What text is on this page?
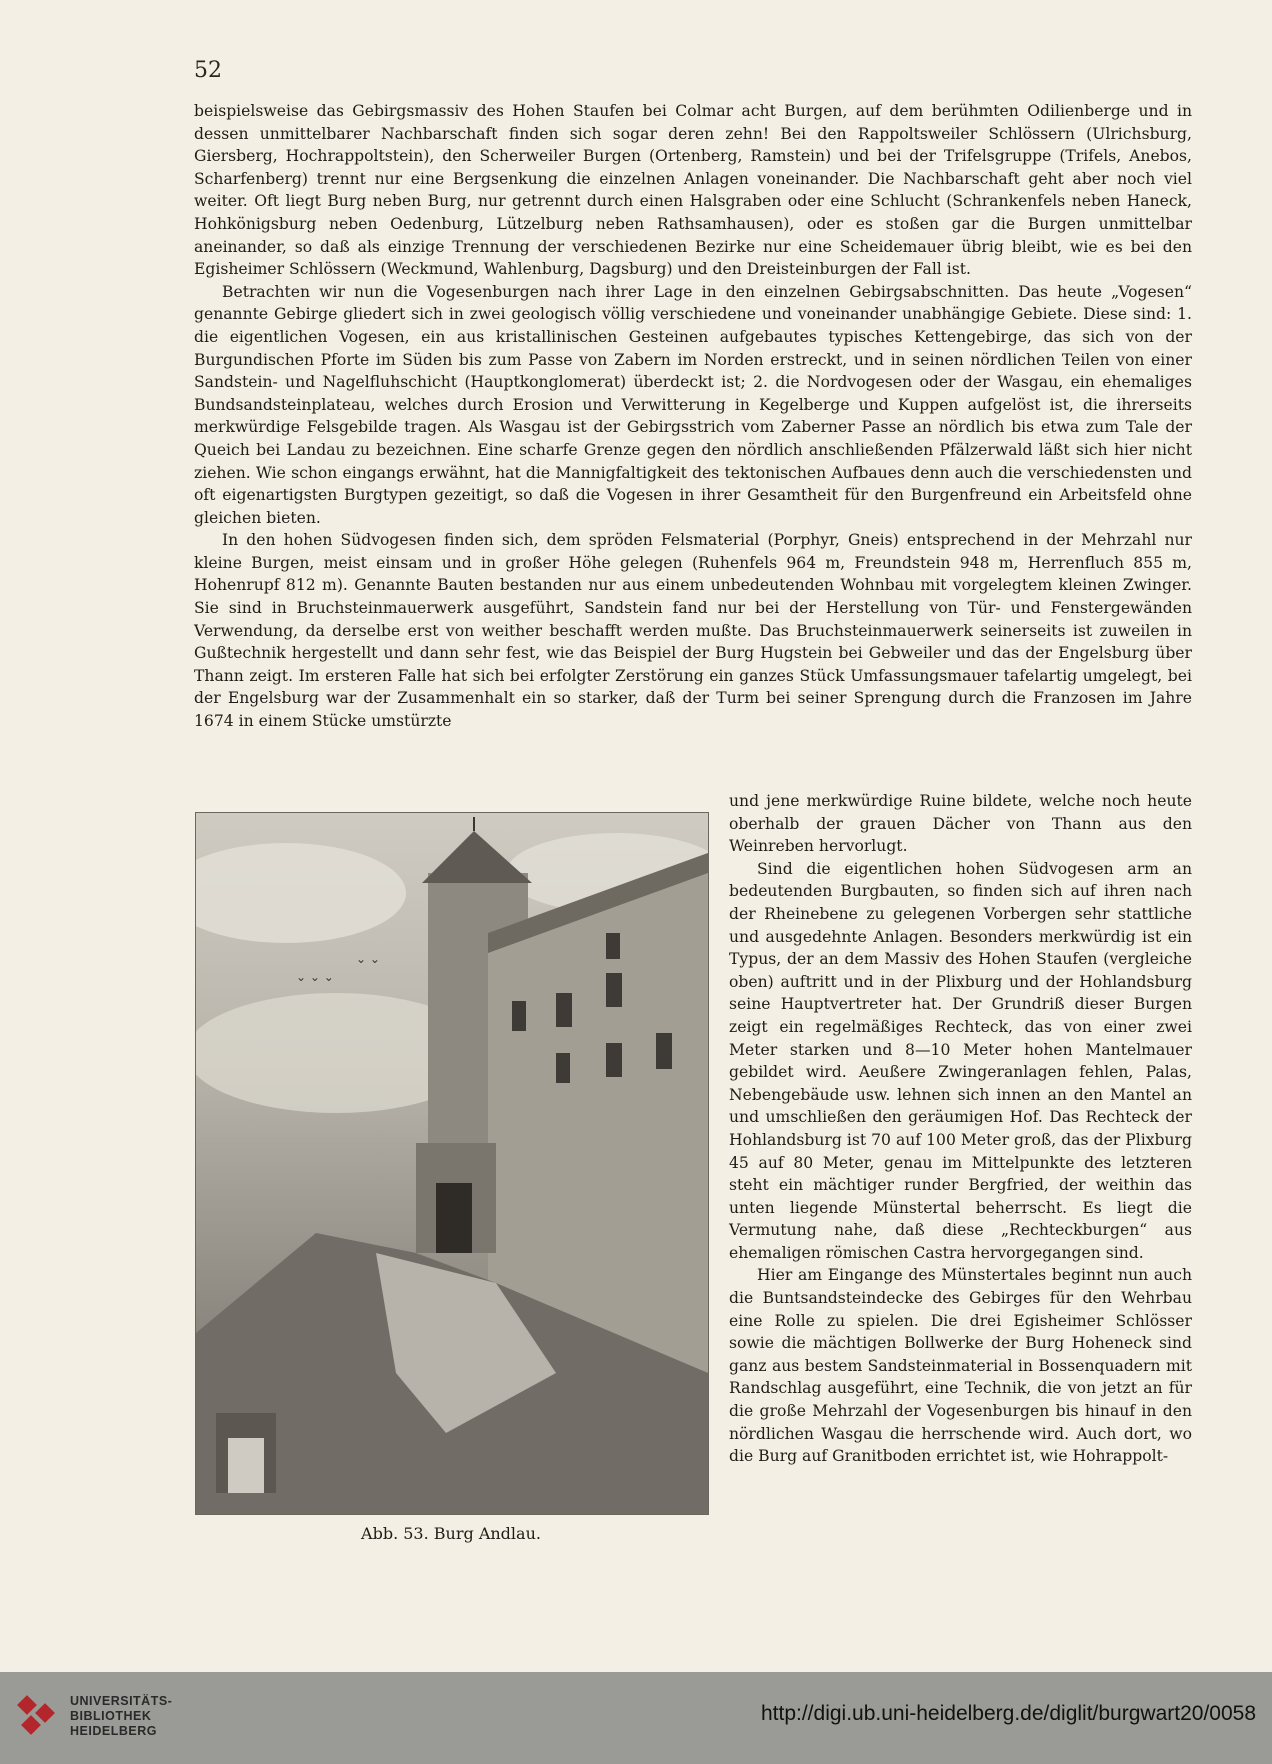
52

beispielsweise das Gebirgsmassiv des Hohen Staufen bei Colmar acht Burgen, auf dem berühmten Odilienberge und in dessen unmittelbarer Nachbarschaft finden sich sogar deren zehn! Bei den Rappoltsweiler Schlössern (Ulrichsburg, Giersberg, Hochrappoltstein), den Scherweiler Burgen (Ortenberg, Ramstein) und bei der Trifelsgruppe (Trifels, Anebos, Scharfenberg) trennt nur eine Bergsenkung die einzelnen Anlagen voneinander. Die Nachbarschaft geht aber noch viel weiter. Oft liegt Burg neben Burg, nur getrennt durch einen Halsgraben oder eine Schlucht (Schrankenfels neben Haneck, Hohkönigsburg neben Oedenburg, Lützelburg neben Rathsamhausen), oder es stoßen gar die Burgen unmittelbar aneinander, so daß als einzige Trennung der verschiedenen Bezirke nur eine Scheidemauer übrig bleibt, wie es bei den Egisheimer Schlössern (Weckmund, Wahlenburg, Dagsburg) und den Dreisteinburgen der Fall ist.

Betrachten wir nun die Vogesenburgen nach ihrer Lage in den einzelnen Gebirgsabschnitten. Das heute „Vogesen“ genannte Gebirge gliedert sich in zwei geologisch völlig verschiedene und voneinander unabhängige Gebiete. Diese sind: 1. die eigentlichen Vogesen, ein aus kristallinischen Gesteinen aufgebautes typisches Kettengebirge, das sich von der Burgundischen Pforte im Süden bis zum Passe von Zabern im Norden erstreckt, und in seinen nördlichen Teilen von einer Sandstein- und Nagelfluhschicht (Hauptkonglomerat) überdeckt ist; 2. die Nordvogesen oder der Wasgau, ein ehemaliges Bundsandsteinplateau, welches durch Erosion und Verwitterung in Kegelberge und Kuppen aufgelöst ist, die ihrerseits merkwürdige Felsgebilde tragen. Als Wasgau ist der Gebirgsstrich vom Zaberner Passe an nördlich bis etwa zum Tale der Queich bei Landau zu bezeichnen. Eine scharfe Grenze gegen den nördlich anschließenden Pfälzerwald läßt sich hier nicht ziehen. Wie schon eingangs erwähnt, hat die Mannigfaltigkeit des tektonischen Aufbaues denn auch die verschiedensten und oft eigenartigsten Burgtypen gezeitigt, so daß die Vogesen in ihrer Gesamtheit für den Burgenfreund ein Arbeitsfeld ohne gleichen bieten.

In den hohen Südvogesen finden sich, dem spröden Felsmaterial (Porphyr, Gneis) entsprechend in der Mehrzahl nur kleine Burgen, meist einsam und in großer Höhe gelegen (Ruhenfels 964 m, Freundstein 948 m, Herrenfluch 855 m, Hohenrupf 812 m). Genannte Bauten bestanden nur aus einem unbedeutenden Wohnbau mit vorgelegtem kleinen Zwinger. Sie sind in Bruchsteinmauerwerk ausgeführt, Sandstein fand nur bei der Herstellung von Tür- und Fenstergewänden Verwendung, da derselbe erst von weither beschafft werden mußte. Das Bruchsteinmauerwerk seinerseits ist zuweilen in Gußtechnik hergestellt und dann sehr fest, wie das Beispiel der Burg Hugstein bei Gebweiler und das der Engelsburg über Thann zeigt. Im ersteren Falle hat sich bei erfolgter Zerstörung ein ganzes Stück Umfassungsmauer tafelartig umgelegt, bei der Engelsburg war der Zusammenhalt ein so starker, daß der Turm bei seiner Sprengung durch die Franzosen im Jahre 1674 in einem Stücke umstürzte

⌄ ⌄ ⌄
⌄ ⌄
Abb. 53. Burg Andlau.

und jene merkwürdige Ruine bildete, welche noch heute oberhalb der grauen Dächer von Thann aus den Weinreben hervorlugt.

Sind die eigentlichen hohen Südvogesen arm an bedeutenden Burgbauten, so finden sich auf ihren nach der Rheinebene zu gelegenen Vorbergen sehr stattliche und ausgedehnte Anlagen. Besonders merkwürdig ist ein Typus, der an dem Massiv des Hohen Staufen (vergleiche oben) auftritt und in der Plixburg und der Hohlandsburg seine Hauptvertreter hat. Der Grundriß dieser Burgen zeigt ein regelmäßiges Rechteck, das von einer zwei Meter starken und 8—10 Meter hohen Mantelmauer gebildet wird. Aeußere Zwingeranlagen fehlen, Palas, Nebengebäude usw. lehnen sich innen an den Mantel an und umschließen den geräumigen Hof. Das Rechteck der Hohlandsburg ist 70 auf 100 Meter groß, das der Plixburg 45 auf 80 Meter, genau im Mittelpunkte des letzteren steht ein mächtiger runder Bergfried, der weithin das unten liegende Münstertal beherrscht. Es liegt die Vermutung nahe, daß diese „Rechteckburgen“ aus ehemaligen römischen Castra hervorgegangen sind.

Hier am Eingange des Münstertales beginnt nun auch die Buntsandsteindecke des Gebirges für den Wehrbau eine Rolle zu spielen. Die drei Egisheimer Schlösser sowie die mächtigen Bollwerke der Burg Hoheneck sind ganz aus bestem Sandsteinmaterial in Bossenquadern mit Randschlag ausgeführt, eine Technik, die von jetzt an für die große Mehrzahl der Vogesenburgen bis hinauf in den nördlichen Wasgau die herrschende wird. Auch dort, wo die Burg auf Granitboden errichtet ist, wie Hohrappolt-

UNIVERSITÄTS-
BIBLIOTHEK
HEIDELBERG
http://digi.ub.uni-heidelberg.de/diglit/burgwart20/0058
